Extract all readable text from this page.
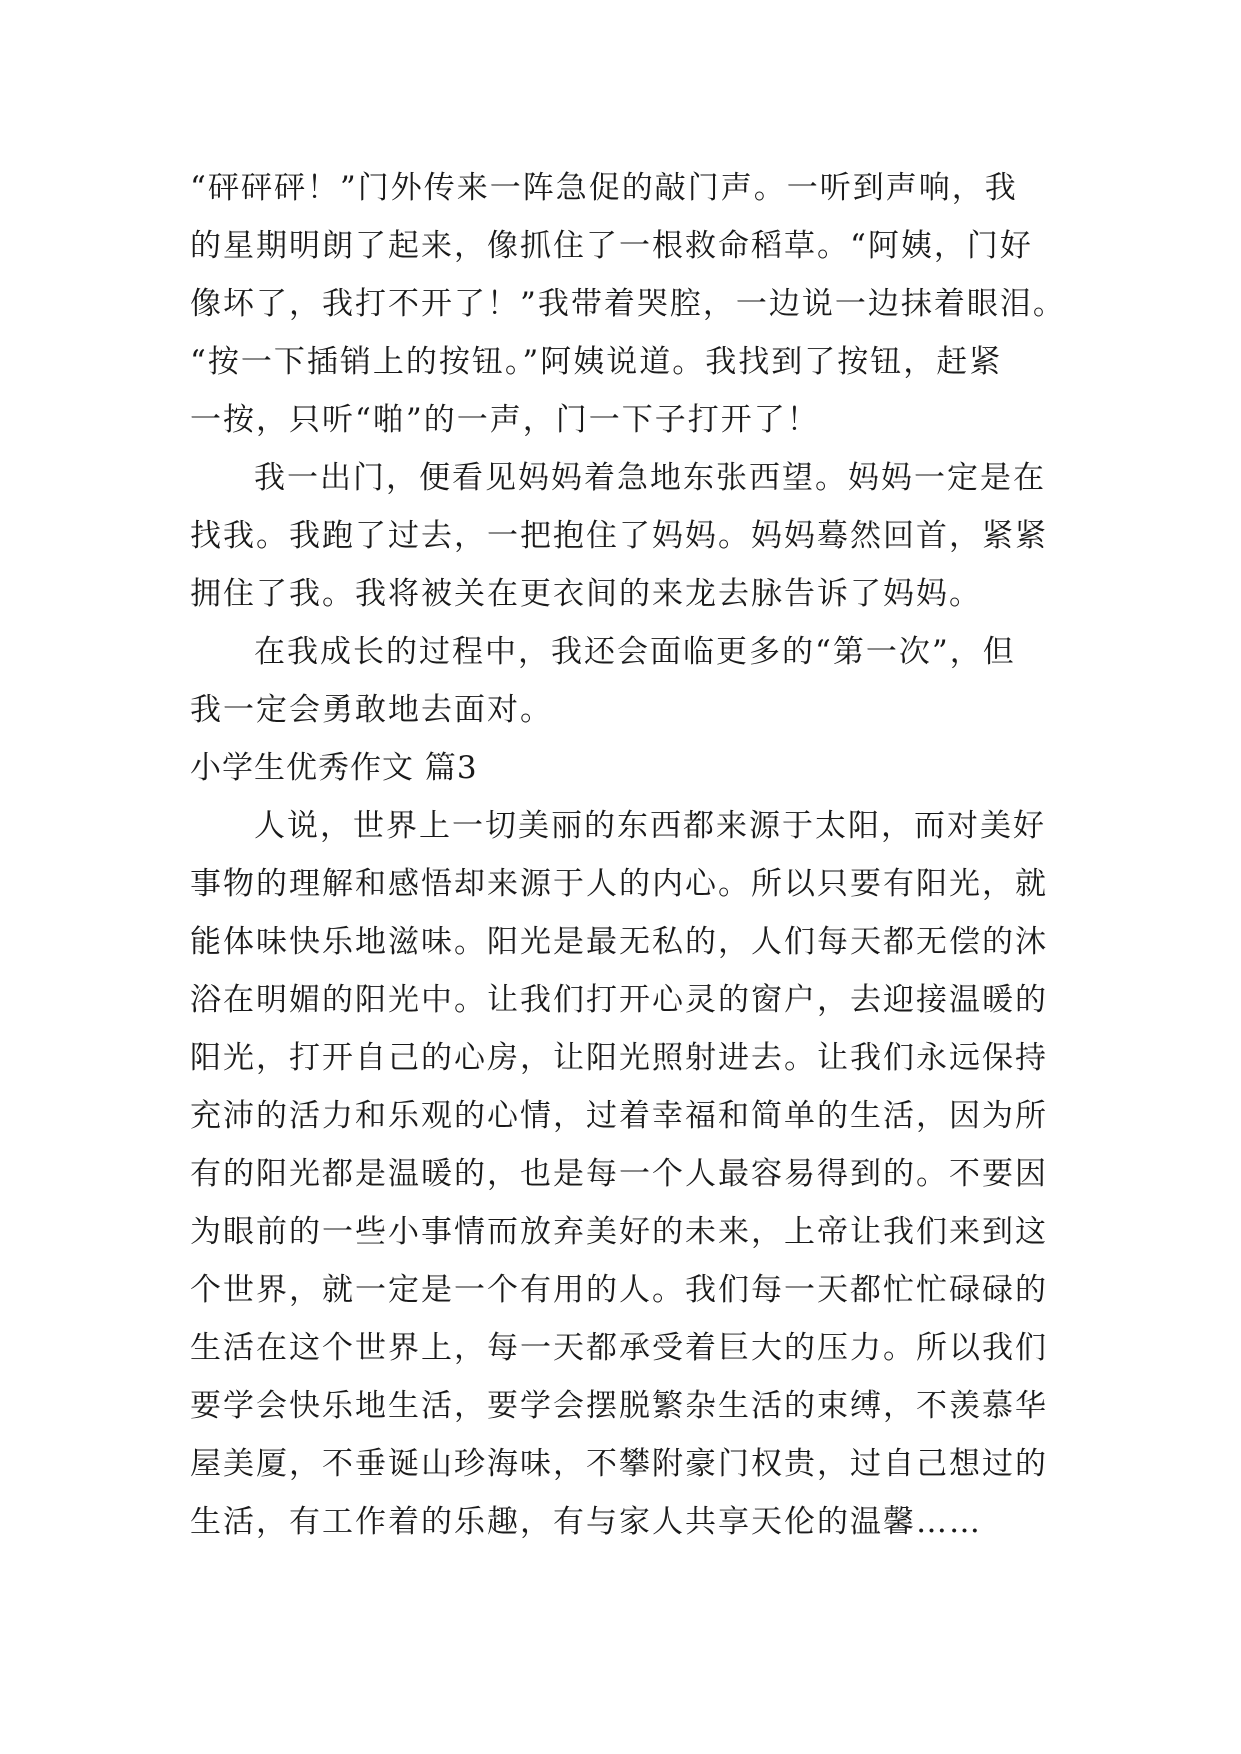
“砰砰砰！”门外传来一阵急促的敲门声。一听到声响，我
的星期明朗了起来，像抓住了一根救命稻草。“阿姨，门好
像坏了，我打不开了！”我带着哭腔，一边说一边抹着眼泪。
“按一下插销上的按钮。”阿姨说道。我找到了按钮，赶紧
一按，只听“啪”的一声，门一下子打开了！
我一出门，便看见妈妈着急地东张西望。妈妈一定是在
找我。我跑了过去，一把抱住了妈妈。妈妈蓦然回首，紧紧
拥住了我。我将被关在更衣间的来龙去脉告诉了妈妈。
在我成长的过程中，我还会面临更多的“第一次”，但
我一定会勇敢地去面对。
小学生优秀作文 篇3
人说，世界上一切美丽的东西都来源于太阳，而对美好
事物的理解和感悟却来源于人的内心。所以只要有阳光，就
能体味快乐地滋味。阳光是最无私的，人们每天都无偿的沐
浴在明媚的阳光中。让我们打开心灵的窗户，去迎接温暖的
阳光，打开自己的心房，让阳光照射进去。让我们永远保持
充沛的活力和乐观的心情，过着幸福和简单的生活，因为所
有的阳光都是温暖的，也是每一个人最容易得到的。不要因
为眼前的一些小事情而放弃美好的未来，上帝让我们来到这
个世界，就一定是一个有用的人。我们每一天都忙忙碌碌的
生活在这个世界上，每一天都承受着巨大的压力。所以我们
要学会快乐地生活，要学会摆脱繁杂生活的束缚，不羡慕华
屋美厦，不垂诞山珍海味，不攀附豪门权贵，过自己想过的
生活，有工作着的乐趣，有与家人共享天伦的温馨……
